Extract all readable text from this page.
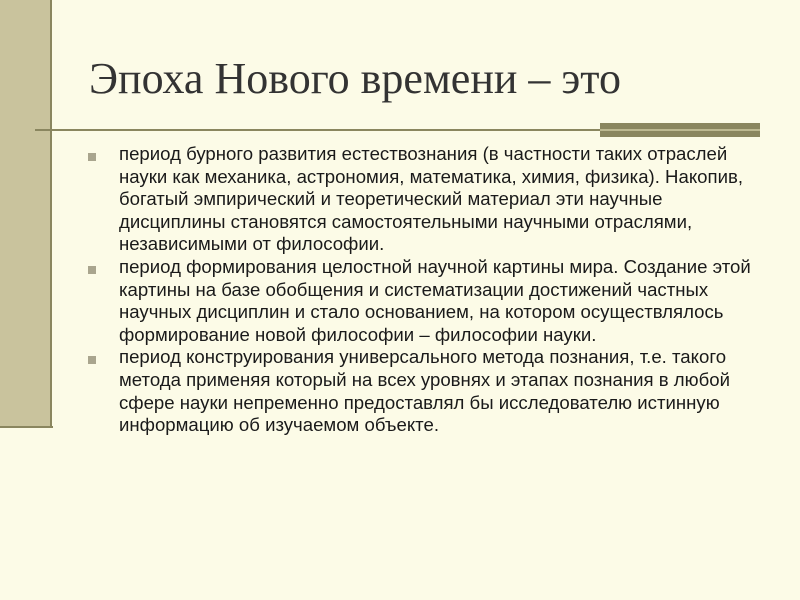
Эпоха Нового времени – это
период бурного развития естествознания (в частности таких отраслей науки как механика, астрономия, математика, химия, физика). Накопив, богатый эмпирический и теоретический материал эти научные дисциплины становятся самостоятельными научными отраслями, независимыми от философии.
период формирования целостной научной картины мира. Создание этой картины на базе обобщения и систематизации достижений частных научных дисциплин и стало основанием, на котором осуществлялось формирование новой философии – философии науки.
период конструирования универсального метода познания, т.е. такого метода применяя который на всех уровнях и этапах познания в любой сфере науки непременно предоставлял бы исследователю истинную информацию об изучаемом объекте.
